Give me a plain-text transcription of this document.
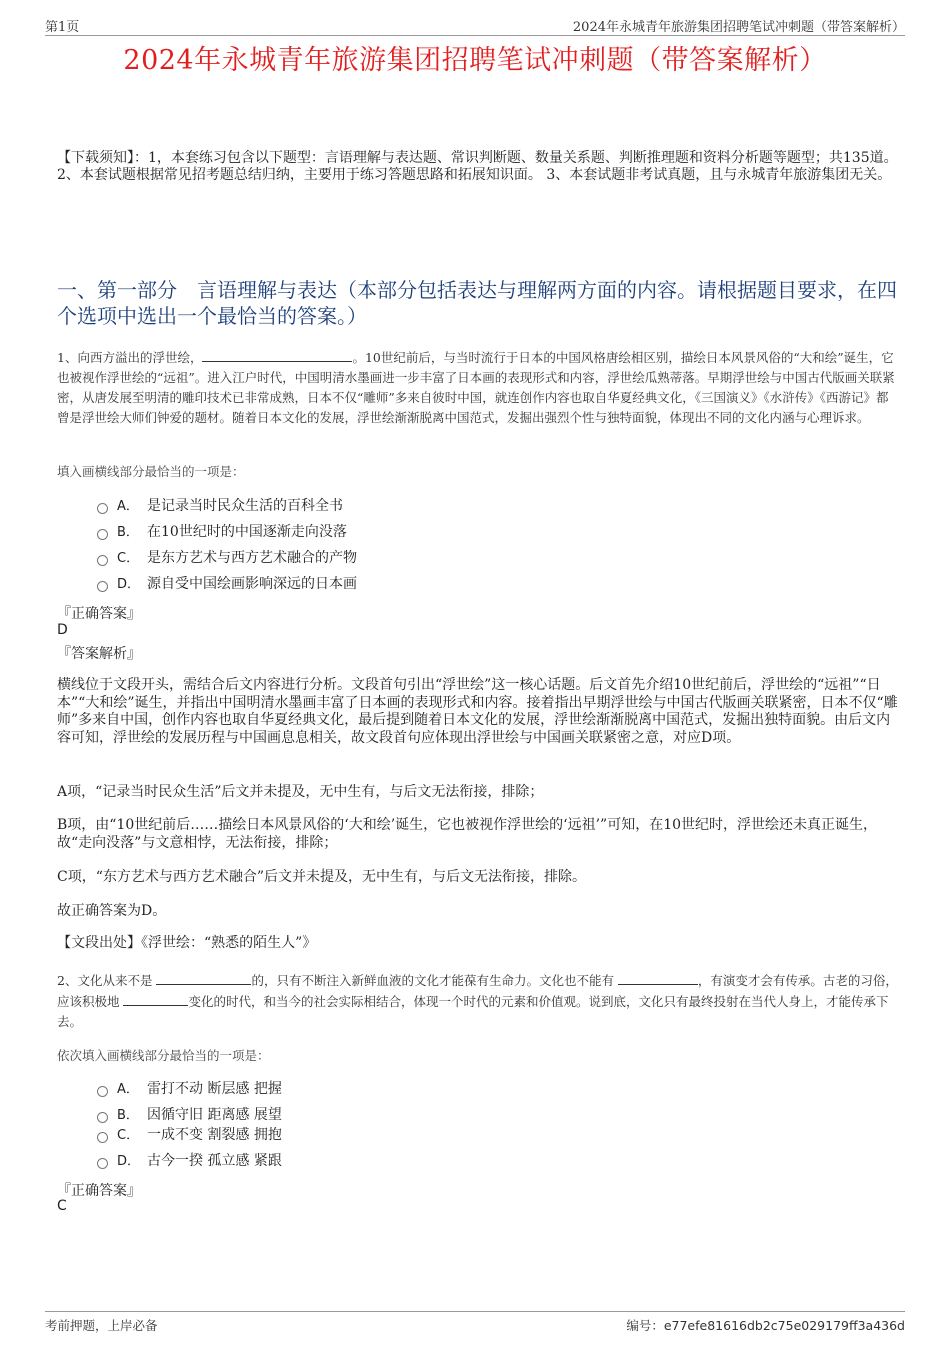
第1页	2024年永城青年旅游集团招聘笔试冲刺题（带答案解析）
2024年永城青年旅游集团招聘笔试冲刺题（带答案解析）
【下载须知】：1，本套练习包含以下题型：言语理解与表达题、常识判断题、数量关系题、判断推理题和资料分析题等题型；共135道。 2、本套试题根据常见招考题总结归纳，主要用于练习答题思路和拓展知识面。 3、本套试题非考试真题，且与永城青年旅游集团无关。
一、第一部分　言语理解与表达（本部分包括表达与理解两方面的内容。请根据题目要求，在四个选项中选出一个最恰当的答案。）
1、向西方溢出的浮世绘，	。10世纪前后，与当时流行于日本的中国风格唐绘相区别，描绘日本风景风俗的“大和绘”诞生，它也被视作浮世绘的“远祖”。进入江户时代，中国明清水墨画进一步丰富了日本画的表现形式和内容，浮世绘瓜熟蒂落。早期浮世绘与中国古代版画关联紧密，从唐发展至明清的雕印技术已非常成熟，日本不仅“雕师”多来自彼时中国，就连创作内容也取自华夏经典文化，《三国演义》《水浒传》《西游记》都曾是浮世绘大师们钟爱的题材。随着日本文化的发展，浮世绘渐渐脱离中国范式，发掘出强烈个性与独特面貌，体现出不同的文化内涵与心理诉求。
填入画横线部分最恰当的一项是：
A． 是记录当时民众生活的百科全书
B． 在10世纪时的中国逐渐走向没落
C． 是东方艺术与西方艺术融合的产物
D． 源自受中国绘画影响深远的日本画
『正确答案』
D
『答案解析』
横线位于文段开头，需结合后文内容进行分析。文段首句引出“浮世绘”这一核心话题。后文首先介绍10世纪前后，浮世绘的“远祖”“日本”“大和绘”诞生，并指出中国明清水墨画丰富了日本画的表现形式和内容。接着指出早期浮世绘与中国古代版画关联紧密，日本不仅“雕师”多来自中国，创作内容也取自华夏经典文化，最后提到随着日本文化的发展，浮世绘渐渐脱离中国范式，发掘出独特面貌。由后文内容可知，浮世绘的发展历程与中国画息息相关，故文段首句应体现出浮世绘与中国画关联紧密之意，对应D项。
A项，“记录当时民众生活”后文并未提及，无中生有，与后文无法衔接，排除；
B项，由“10世纪前后……描绘日本风景风俗的‘大和绘’诞生，它也被视作浮世绘的‘远祖’”可知，在10世纪时，浮世绘还未真正诞生，故“走向没落”与文意相悖，无法衔接，排除；
C项，“东方艺术与西方艺术融合”后文并未提及，无中生有，与后文无法衔接，排除。
故正确答案为D。
【文段出处】《浮世绘：“熟悉的陌生人”》
2、文化从来不是	的，只有不断注入新鲜血液的文化才能葆有生命力。文化也不能有	，有演变才会有传承。古老的习俗，应该积极地	变化的时代，和当今的社会实际相结合，体现一个时代的元素和价值观。说到底，文化只有最终投射在当代人身上，才能传承下去。
依次填入画横线部分最恰当的一项是：
A． 雷打不动 断层感 把握
B． 因循守旧 距离感 展望
C． 一成不变 割裂感 拥抱
D． 古今一揆 孤立感 紧跟
『正确答案』
C
考前押题，上岸必备	编号：e77efe81616db2c75e029179ff3a436d
